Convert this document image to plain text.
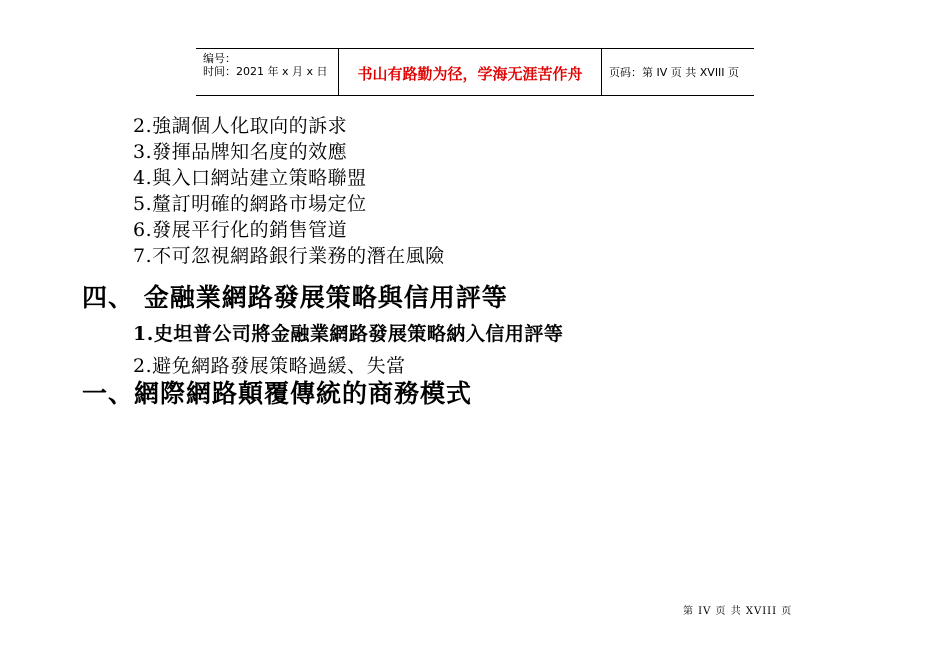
编号：
时间：2021 年 x 月 x 日	书山有路勤为径，学海无涯苦作舟	页码：第 IV 页 共 XVIII 页
2.強調個人化取向的訴求
3.發揮品牌知名度的效應
4.與入口網站建立策略聯盟
5.釐訂明確的網路市場定位
6.發展平行化的銷售管道
7.不可忽視網路銀行業務的潛在風險
四、 金融業網路發展策略與信用評等
1.史坦普公司將金融業網路發展策略納入信用評等
2.避免網路發展策略過緩、失當
一、網際網路顛覆傳統的商務模式
第 IV 页 共 XVIII 页
